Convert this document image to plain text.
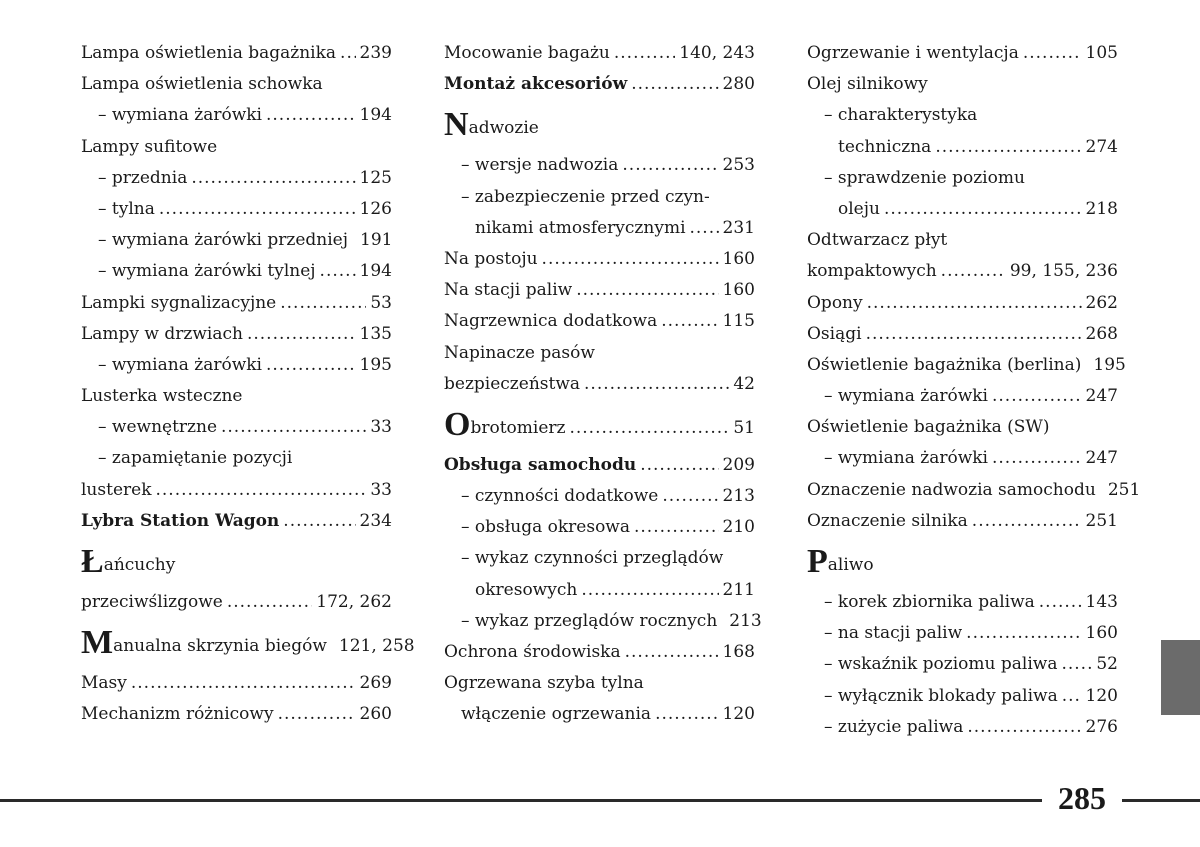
Lampa oświetlenia bagażnika ..... 239
Lampa oświetlenia schowka
– wymiana żarówki .....	194
Lampy sufitowe
– przednia .....	125
– tylna .....	126
– wymiana żarówki przedniej 191
– wymiana żarówki tylnej .....	194
Lampki sygnalizacyjne .....	53
Lampy w drzwiach .....	135
– wymiana żarówki .....	195
Lusterka wsteczne
– wewnętrzne .....	33
– zapamiętanie pozycji
lusterek .....	33
Lybra Station Wagon .....	234
Łańcuchy
przeciwślizgowe .....	172, 262
Manualna skrzynia biegów 121, 258
Masy .....	269
Mechanizm różnicowy .....	260
Mocowanie bagażu .....	140, 243
Montaż akcesoriów .....	280
Nadwozie
– wersje nadwozia .....	253
– zabezpieczenie przed czyn-
nikami atmosferycznymi ..... 231
Na postoju .....	160
Na stacji paliw .....	160
Nagrzewnica dodatkowa .....	115
Napinacze pasów
bezpieczeństwa .....	42
Obrotomierz .....	51
Obsługa samochodu .....	209
– czynności dodatkowe .....	213
– obsługa okresowa .....	210
– wykaz czynności przeglądów
okresowych .....	211
– wykaz przeglądów rocznych 213
Ochrona środowiska .....	168
Ogrzewana szyba tylna
włączenie ogrzewania .....	120
Ogrzewanie i wentylacja .....	105
Olej silnikowy
– charakterystyka
techniczna .....	274
– sprawdzenie poziomu
oleju .....	218
Odtwarzacz płyt
kompaktowych .....	99, 155, 236
Opony .....	262
Osiągi .....	268
Oświetlenie bagażnika (berlina) 195
– wymiana żarówki .....	247
Oświetlenie bagażnika (SW)
– wymiana żarówki .....	247
Oznaczenie nadwozia samochodu 251
Oznaczenie silnika .....	251
Paliwo
– korek zbiornika paliwa .....	143
– na stacji paliw .....	160
– wskaźnik poziomu paliwa ..... 52
– wyłącznik blokady paliwa ..... 120
– zużycie paliwa .....	276
285
